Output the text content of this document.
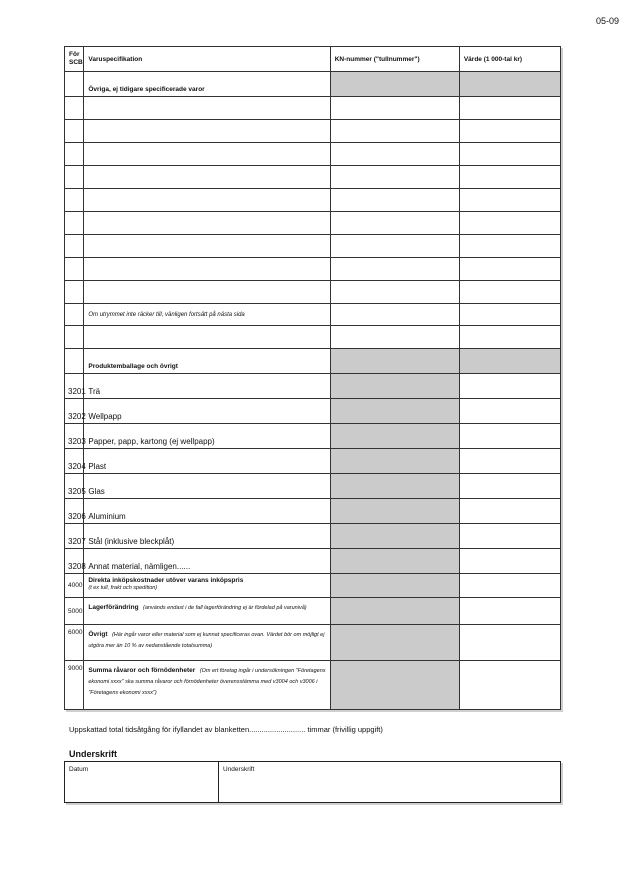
05-09
För SCB	Varuspecifikation	KN-nummer ("tullnummer")	Värde (1 000-tal kr)
	Övriga, ej tidigare specificerade varor		

	Om utrymmet inte räcker till, vänligen fortsätt på nästa sida		

	Produktemballage och övrigt		
3201	Trä		
3202	Wellpapp		
3203	Papper, papp, kartong (ej wellpapp)		
3204	Plast		
3205	Glas		
3206	Aluminium		
3207	Stål (inklusive bleckplåt)		
3208	Annat material, nämligen......		
4000	Direkta inköpskostnader utöver varans inköpspris
(t ex tull, frakt och spedition)		

5000	Lagerförändring (används endast i de fall lagerförändring ej är fördelad på varunivå)		
6000	Övrigt (Här ingår varor eller material som ej kunnat specificeras ovan. Värdet bör om möjligt ej utgöra mer än 10 % av nedanstående totalsumma)		
9000	Summa råvaror och förnödenheter (Om ert företag ingår i undersökningen "Företagens ekonomi xxxx" ska summa råvaror och förnödenheter överensstämma med v3004 och v3006 i "Företagens ekonomi xxxx")		
Uppskattad total tidsåtgång för ifyllandet av blanketten........................... timmar (frivillig uppgift)
Underskrift
Datum	Underskrift
